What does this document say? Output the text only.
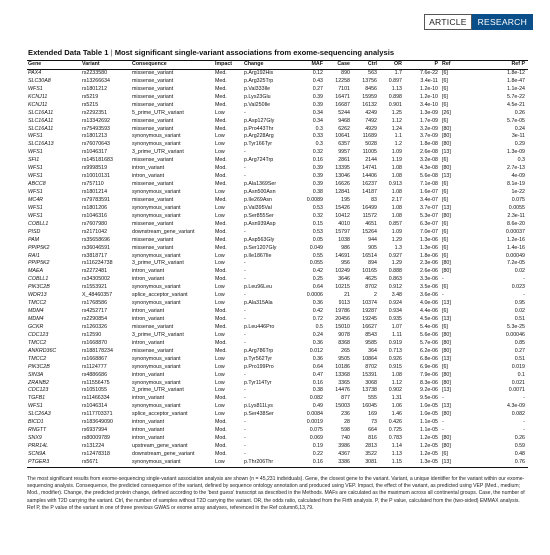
ARTICLE	RESEARCH
Extended Data Table 1 | Most significant single-variant associations from exome-sequencing analysis
Gene	Variant	Consequence	Impact	Change	MAF	Case	Ctrl	OR	P	Ref	Ref P
PAX4	rs2233580	missense_variant	Med.	p.Arg192His	0.12	890	563	1.7	7.6e-22	[6]	1.8e-12
SLC30A8	rs13266634	missense_variant	Med.	p.Arg325Trp	0.43	12258	13756	0.897	3.4e-11	[6]	1.8e-47
WFS1	rs1801212	missense_variant	Med.	p.Val333Ile	0.27	7101	8456	1.13	1.2e-10	[6]	1.1e-24
KCNJ11	rs5219	missense_variant	Med.	p.Lys23Glu	0.39	16471	15959	0.898	1.2e-10	[6]	5.7e-22
KCNJ11	rs5215	missense_variant	Med.	p.Val250Ile	0.39	16687	16132	0.901	3.4e-10	[6]	4.5e-21
SLC16A11	rs2292351	5_prime_UTR_variant	Low	-	0.34	5244	4249	1.25	1.3e-09	[26]	0.26
SLC16A11	rs13342692	missense_variant	Med.	p.Asp127Gly	0.34	9468	7492	1.12	1.7e-09	[6]	5.7e-05
SLC16A11	rs75493593	missense_variant	Med.	p.Pro443Thr	0.3	6262	4929	1.24	3.2e-09	[80]	0.24
WFS1	rs1801213	synonymous_variant	Low	p.Arg228Arg	0.33	10641	11689	1.1	3.7e-09	[80]	3e-11
SLC16A13	rs76070643	synonymous_variant	Low	p.Tyr166Tyr	0.3	6357	5028	1.2	1.8e-08	[80]	0.29
WFS1	rs1046317	3_prime_UTR_variant	Low	-	0.32	9957	11005	1.09	2.6e-08	[13]	1.3e-09
SFI1	rs145181683	missense_variant	Med.	p.Arg724Trp	0.16	2861	2144	1.19	3.2e-08	[6]	0.3
WFS1	rs9998519	intron_variant	Mod.	-	0.39	13395	14741	1.08	4.3e-08	[80]	2.7e-13
WFS1	rs10010131	intron_variant	Mod.	-	0.39	13046	14406	1.08	5.6e-08	[13]	4e-09
ABCC8	rs757110	missense_variant	Med.	p.Ala1369Ser	0.39	16626	16237	0.913	7.1e-08	[6]	8.1e-19
WFS1	rs1801214	synonymous_variant	Low	p.Asn500Asn	0.38	12841	14187	1.08	1.6e-07	[6]	1e-22
MC4R	rs79783591	missense_variant	Med.	p.Ile269Asn	0.0089	195	83	2.17	3.4e-07	[6]	0.075
WFS1	rs1801206	synonymous_variant	Low	p.Val395Val	0.53	15426	16499	1.08	3.7e-07	[13]	0.0055
WFS1	rs1046316	synonymous_variant	Low	p.Ser855Ser	0.32	10412	11572	1.08	5.3e-07	[80]	2.3e-11
COBLL1	rs7607980	missense_variant	Med.	p.Asn939Asp	0.15	4010	4651	0.857	6.3e-07	[6]	8.6e-20
PISD	rs2171042	downstream_gene_variant	Mod.	-	0.53	15797	15264	1.09	7.0e-07	[6]	0.00037
PAM	rs35658696	missense_variant	Med.	p.Asp563Gly	0.05	1038	944	1.29	1.3e-06	[6]	1.2e-16
PPIP5K2	rs36046591	missense_variant	Med.	p.Ser1207Gly	0.049	986	905	1.3	1.3e-06	[6]	1.4e-16
RAI1	rs3818717	synonymous_variant	Low	p.Ile1867Ile	0.55	14691	16514	0.927	1.8e-06	[6]	0.00049
PPIP5K2	rs116234738	3_prime_UTR_variant	Low	-	0.055	956	894	1.29	2.3e-06	[80]	7.2e-05
MAEA	rs2272481	intron_variant	Mod.	-	0.42	10249	10165	0.888	2.6e-06	[80]	0.02
COBLL1	rs34305002	intron_variant	Mod.	-	0.25	3646	4625	0.863	3.3e-06	-	-
PIK3C2B	rs1553921	synonymous_variant	Low	p.Leu96Leu	0.64	10215	8702	0.912	3.5e-06	[6]	0.023
WDR13	X_48460357	splice_acceptor_variant	Low	-	0.0006	21	2	3.48	3.6e-06	-	-
TMCC2	rs1768586	synonymous_variant	Low	p.Ala315Ala	0.36	9113	10374	0.924	4.0e-06	[13]	0.95
MDM4	rs4252717	intron_variant	Mod.	-	0.42	19786	19287	0.934	4.4e-06	[6]	0.02
MDM4	rs2290854	intron_variant	Mod.	-	0.72	20456	19245	0.935	4.5e-06	[13]	0.51
GCKR	rs1260326	missense_variant	Med.	p.Leu446Pro	0.5	15010	16627	1.07	5.4e-06	[6]	5.3e-25
CDC123	rs12590	3_prime_UTR_variant	Low	-	0.24	9078	8543	1.11	5.6e-06	[80]	0.00046
TMCC2	rs1668870	intron_variant	Mod.	-	0.36	8368	9585	0.919	5.7e-06	[80]	0.85
ANKRD36C	rs188178234	missense_variant	Med.	p.Arg786Trp	0.012	265	364	0.713	6.2e-06	[80]	0.27
TMCC2	rs1668867	synonymous_variant	Low	p.Tyr562Tyr	0.36	9505	10864	0.926	6.8e-06	[13]	0.51
PIK3C2B	rs1124777	synonymous_variant	Low	p.Pro199Pro	0.64	10186	8702	0.915	6.9e-06	[6]	0.019
SIN3A	rs4886686	intron_variant	Low	-	0.47	13368	15391	1.08	7.9e-06	[80]	0.1
ZRANB2	rs11556475	synonymous_variant	Low	p.Tyr114Tyr	0.16	3365	3068	1.12	8.3e-06	[80]	0.021
CDC123	rs1051055	3_prime_UTR_variant	Low	-	0.38	14476	13738	0.902	9.2e-06	[13]	0.0071
TGFB1	rs11466334	intron_variant	Mod.	-	0.082	877	555	1.31	9.5e-06	-	-
WFS1	rs1046314	synonymous_variant	Low	p.Lys811Lys	0.49	15003	16045	1.06	1.0e-05	[13]	4.3e-09
SLC26A3	rs117703371	splice_acceptor_variant	Low	p.Ser438Ser	0.0084	236	169	1.46	1.0e-05	[80]	0.082
BICD1	rs183649090	intron_variant	Mod.	-	0.0019	28	73	0.426	1.1e-05	-	-
RNGTT	rs6937994	intron_variant	Mod.	-	0.075	598	664	0.725	1.1e-05	-	-
SNX9	rs80009789	intron_variant	Mod.	-	0.069	740	816	0.783	1.2e-05	[80]	0.26
PRR14L	rs131224	upstream_gene_variant	Mod.	-	0.19	3986	2813	1.14	1.2e-05	[80]	0.59
SCN9A	rs12478318	downstream_gene_variant	Mod.	-	0.22	4367	3522	1.13	1.2e-05	[6]	0.48
PTGER3	rs5671	synonymous_variant	Low	p.Thr206Thr	0.16	3386	3081	1.15	1.3e-05	[13]	0.76
The most significant results from exome-sequencing single-variant association analysis are shown (n = 45,231 individuals). Gene, the closest gene to the variant. Variant, a unique identifier for the variant within our exome-sequencing analysis. Consequence, the predicted consequence of the variant, defined by sequence ontology annotation and produced using VEP. Impact, the effect of the variant, as predicted using VEP (Med., medium; Mod., modifier). Change, the predicted protein change, defined according to the 'best guess' transcript as described in the Methods. MAFs are calculated as the maximum across all continental groups. Case, the number of samples with T2D carrying the variant. Ctrl, the number of samples without T2D carrying the variant. OR, the odds ratio, calculated from the Firth analysis. P, the P value, calculated from the (two-sided) EMMAX analysis. Ref P, the P value of the variant in one of three previous GWAS or exome array analyses, referenced in the Ref column6,13,79.
